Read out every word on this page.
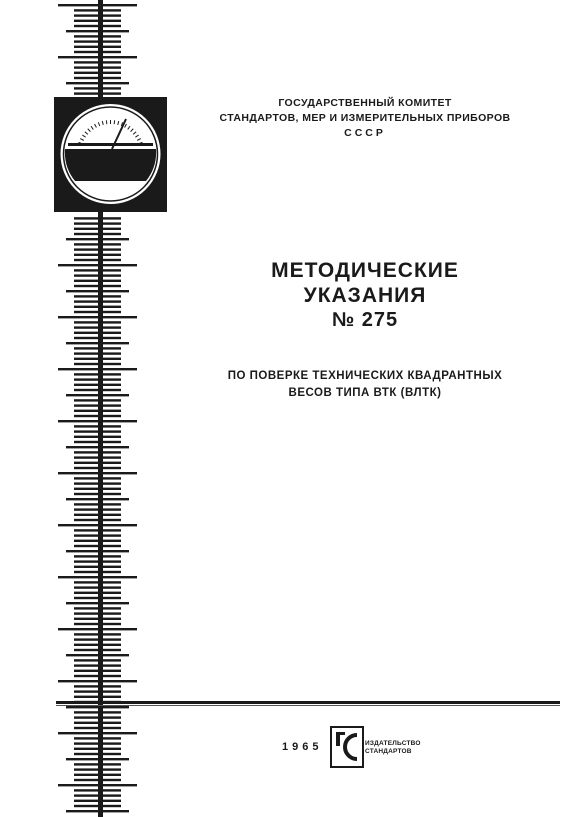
ГОСУДАРСТВЕННЫЙ КОМИТЕТ
СТАНДАРТОВ, МЕР И ИЗМЕРИТЕЛЬНЫХ ПРИБОРОВ
СССР
МЕТОДИЧЕСКИЕ
УКАЗАНИЯ
№ 275
ПО ПОВЕРКЕ ТЕХНИЧЕСКИХ КВАДРАНТНЫХ
ВЕСОВ ТИПА ВТК (ВЛТК)
1965	ИЗДАТЕЛЬСТВО
СТАНДАРТОВ
